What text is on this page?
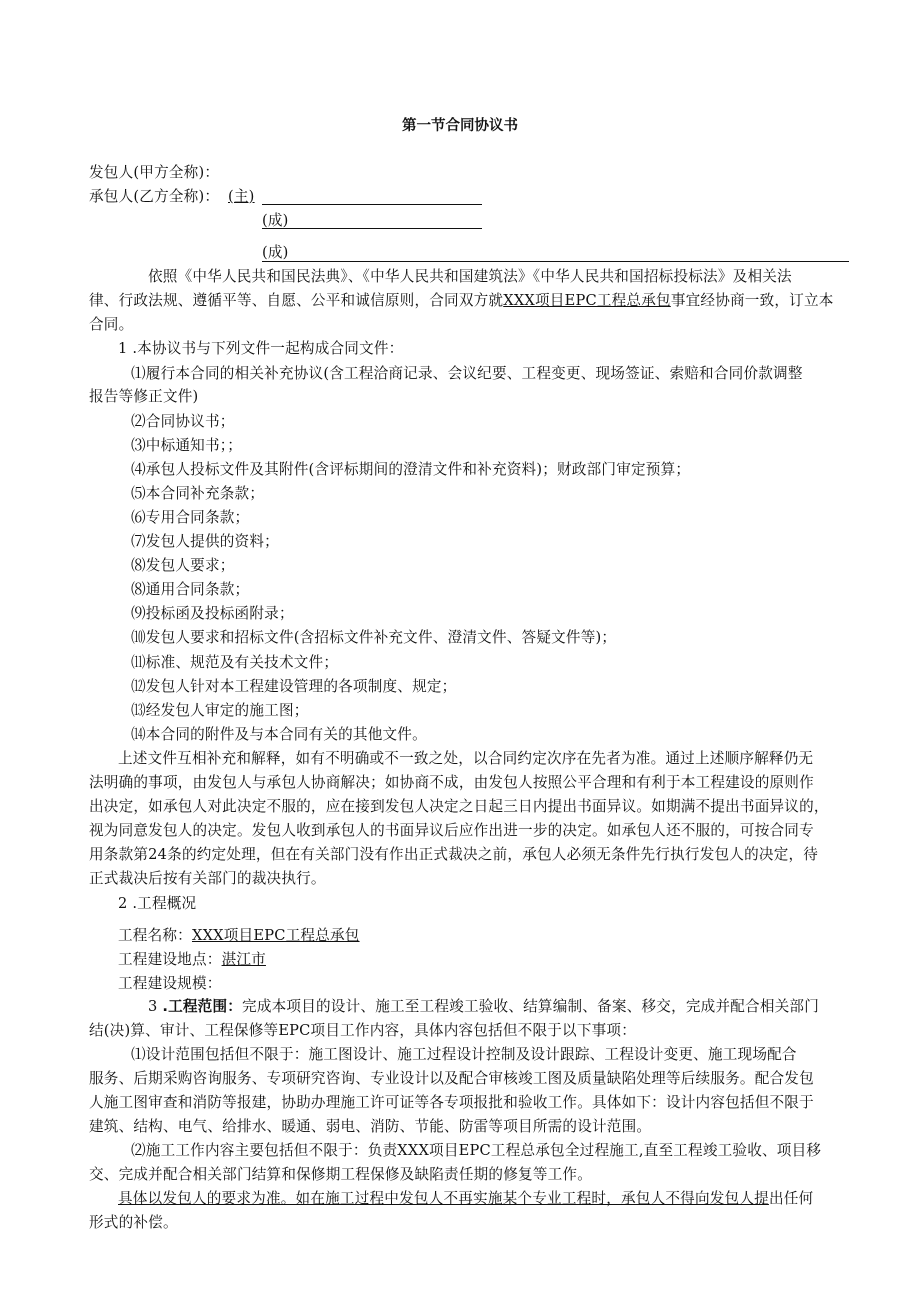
第一节合同协议书
发包人(甲方全称)：
承包人(乙方全称)： (主)
(成)
(成)
依照《中华人民共和国民法典》、《中华人民共和国建筑法》《中华人民共和国招标投标法》及相关法
律、行政法规、遵循平等、自愿、公平和诚信原则，合同双方就XXX项目EPC工程总承包事宜经协商一致，订立本
合同。
1 .本协议书与下列文件一起构成合同文件：
⑴履行本合同的相关补充协议(含工程洽商记录、会议纪要、工程变更、现场签证、索赔和合同价款调整
报告等修正文件)
⑵合同协议书；
⑶中标通知书；；
⑷承包人投标文件及其附件(含评标期间的澄清文件和补充资料)；财政部门审定预算；
⑸本合同补充条款；
⑹专用合同条款；
⑺发包人提供的资料；
⑻发包人要求；
⑻通用合同条款；
⑼投标函及投标函附录；
⑽发包人要求和招标文件(含招标文件补充文件、澄清文件、答疑文件等)；
⑾标准、规范及有关技术文件；
⑿发包人针对本工程建设管理的各项制度、规定；
⒀经发包人审定的施工图；
⒁本合同的附件及与本合同有关的其他文件。
上述文件互相补充和解释，如有不明确或不一致之处，以合同约定次序在先者为准。通过上述顺序解释仍无
法明确的事项，由发包人与承包人协商解决；如协商不成，由发包人按照公平合理和有利于本工程建设的原则作
出决定，如承包人对此决定不服的，应在接到发包人决定之日起三日内提出书面异议。如期满不提出书面异议的，
视为同意发包人的决定。发包人收到承包人的书面异议后应作出进一步的决定。如承包人还不服的，可按合同专
用条款第24条的约定处理，但在有关部门没有作出正式裁决之前，承包人必须无条件先行执行发包人的决定，待
正式裁决后按有关部门的裁决执行。
2 .工程概况
工程名称：XXX项目EPC工程总承包
工程建设地点：湛江市
工程建设规模：
3 .工程范围：完成本项目的设计、施工至工程竣工验收、结算编制、备案、移交，完成并配合相关部门
结(决)算、审计、工程保修等EPC项目工作内容，具体内容包括但不限于以下事项：
⑴设计范围包括但不限于：施工图设计、施工过程设计控制及设计跟踪、工程设计变更、施工现场配合
服务、后期采购咨询服务、专项研究咨询、专业设计以及配合审核竣工图及质量缺陷处理等后续服务。配合发包
人施工图审查和消防等报建，协助办理施工许可证等各专项报批和验收工作。具体如下：设计内容包括但不限于
建筑、结构、电气、给排水、暖通、弱电、消防、节能、防雷等项目所需的设计范围。
⑵施工工作内容主要包括但不限于：负责XXX项目EPC工程总承包全过程施工,直至工程竣工验收、项目移
交、完成并配合相关部门结算和保修期工程保修及缺陷责任期的修复等工作。
具体以发包人的要求为准。如在施工过程中发包人不再实施某个专业工程时，承包人不得向发包人提出任何
形式的补偿。
